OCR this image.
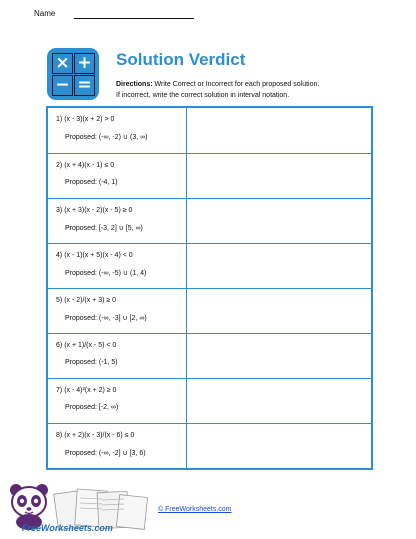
Name
× +
− =
Solution Verdict
Directions: Write Correct or Incorrect for each proposed solution.
If incorrect, write the correct solution in interval notation.
1) (x - 3)(x + 2) > 0
Proposed: (-∞, -2) ∪ (3, ∞)
2) (x + 4)(x - 1) ≤ 0
Proposed: (-4, 1)
3) (x + 3)(x - 2)(x - 5) ≥ 0
Proposed: [-3, 2] ∪ [5, ∞)
4) (x - 1)(x + 5)(x - 4) < 0
Proposed: (-∞, -5) ∪ (1, 4)
5) (x - 2)/(x + 3) ≥ 0
Proposed: (-∞, -3] ∪ [2, ∞)
6) (x + 1)/(x - 5) < 0
Proposed: (-1, 5)
7) (x - 4)²(x + 2) ≥ 0
Proposed: [-2, ∞)
8) (x + 2)(x - 3)/(x - 6) ≤ 0
Proposed: (-∞, -2] ∪ [3, 6)
FreeWorksheets.com
© FreeWorksheets.com
